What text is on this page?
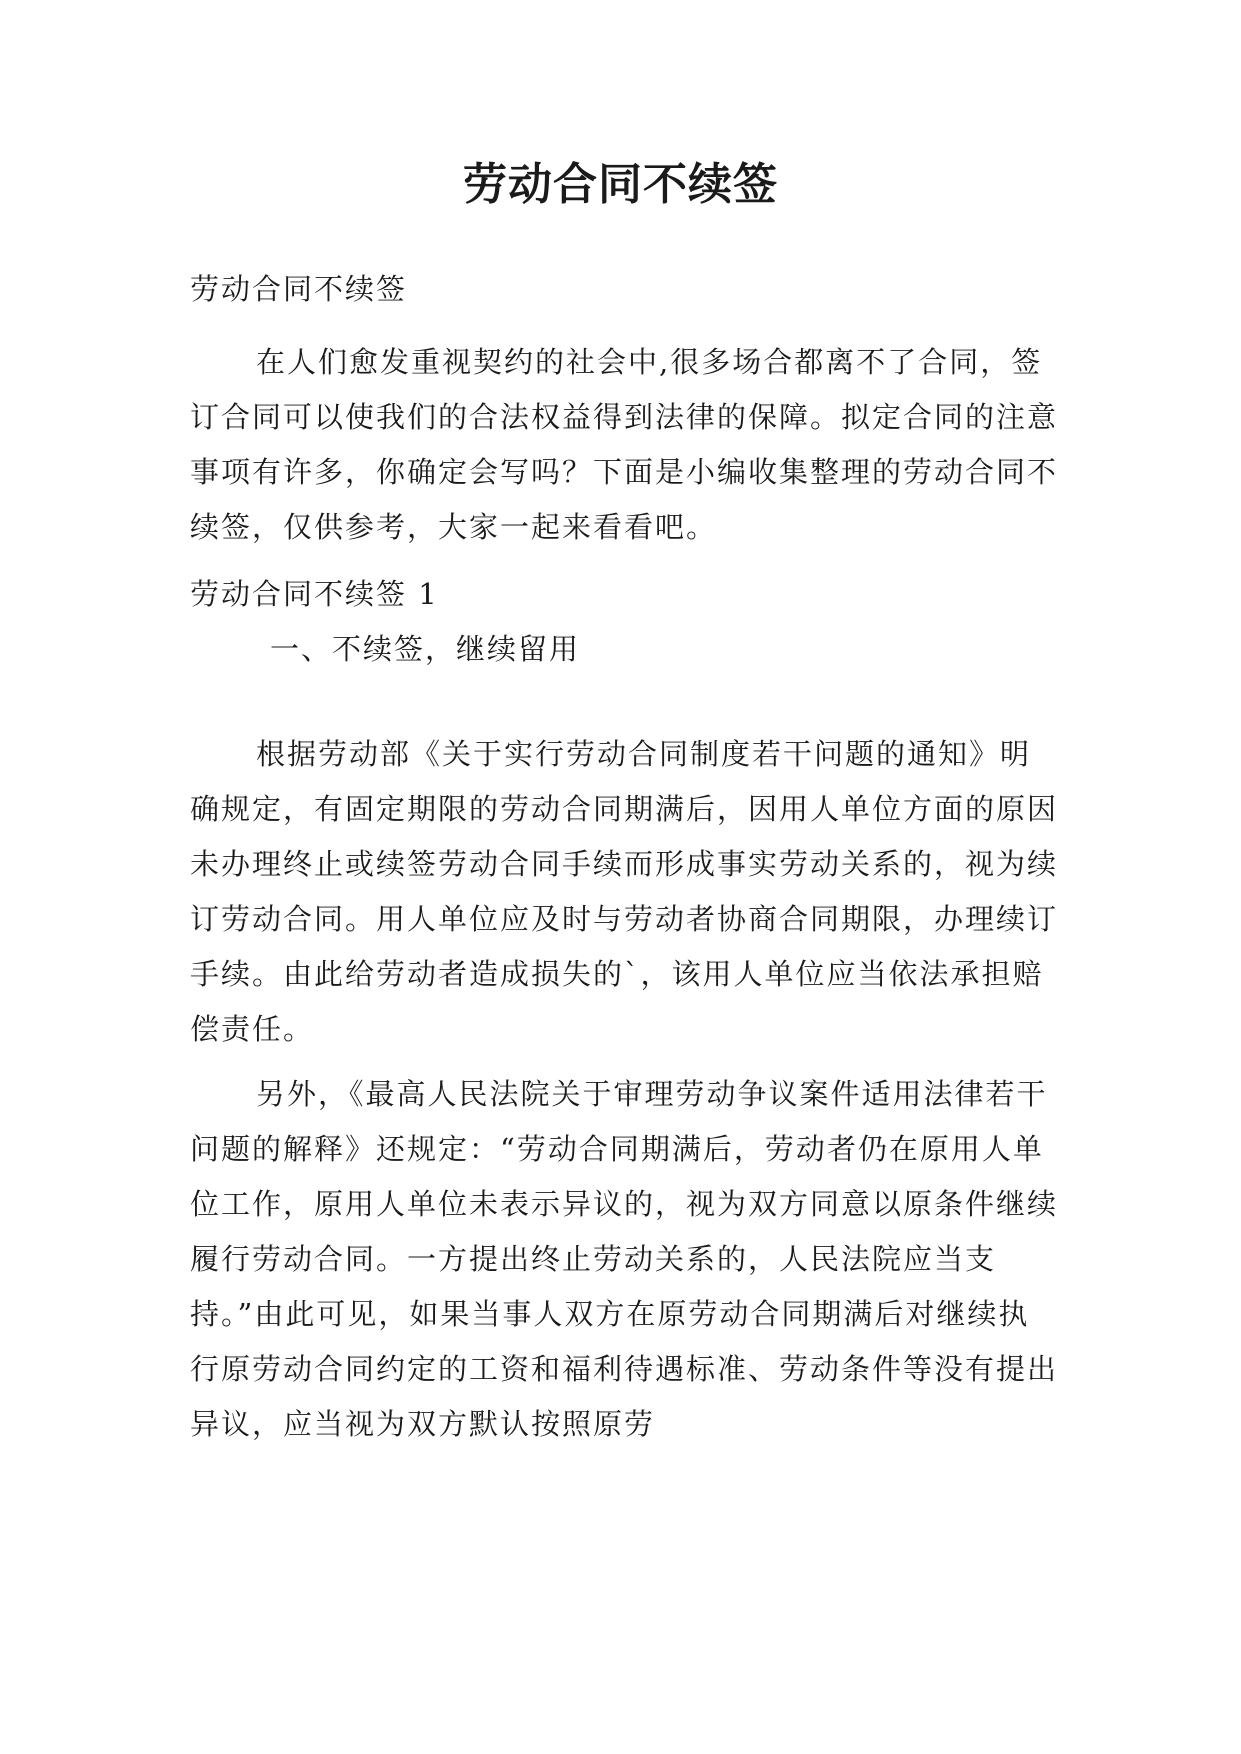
劳动合同不续签

劳动合同不续签

在人们愈发重视契约的社会中,很多场合都离不了合同，签订合同可以使我们的合法权益得到法律的保障。拟定合同的注意事项有许多，你确定会写吗？下面是小编收集整理的劳动合同不续签，仅供参考，大家一起来看看吧。

劳动合同不续签 1

一、不续签，继续留用

根据劳动部《关于实行劳动合同制度若干问题的通知》明确规定，有固定期限的劳动合同期满后，因用人单位方面的原因未办理终止或续签劳动合同手续而形成事实劳动关系的，视为续订劳动合同。用人单位应及时与劳动者协商合同期限，办理续订手续。由此给劳动者造成损失的`，该用人单位应当依法承担赔偿责任。

另外，《最高人民法院关于审理劳动争议案件适用法律若干问题的解释》还规定：“劳动合同期满后，劳动者仍在原用人单位工作，原用人单位未表示异议的，视为双方同意以原条件继续履行劳动合同。一方提出终止劳动关系的，人民法院应当支持。”由此可见，如果当事人双方在原劳动合同期满后对继续执行原劳动合同约定的工资和福利待遇标准、劳动条件等没有提出异议，应当视为双方默认按照原劳
